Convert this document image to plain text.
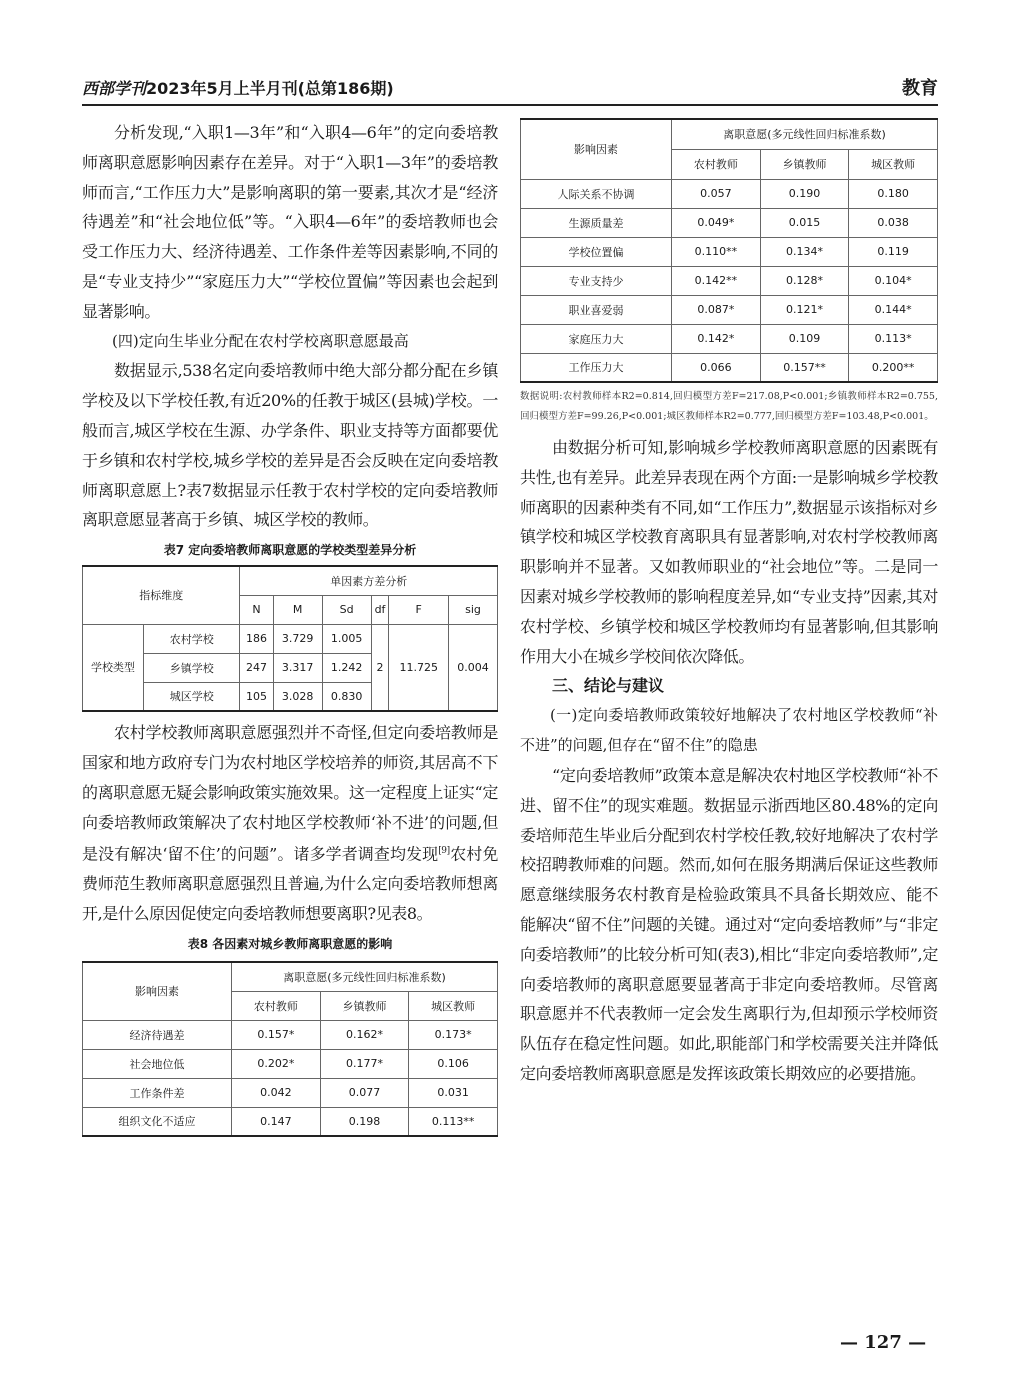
西部学刊2023年5月上半月刊(总第186期)	教育

分析发现,“入职1—3年”和“入职4—6年”的定向委培教师离职意愿影响因素存在差异。对于“入职1—3年”的委培教师而言,“工作压力大”是影响离职的第一要素,其次才是“经济待遇差”和“社会地位低”等。“入职4—6年”的委培教师也会受工作压力大、经济待遇差、工作条件差等因素影响,不同的是“专业支持少”“家庭压力大”“学校位置偏”等因素也会起到显著影响。

(四)定向生毕业分配在农村学校离职意愿最高

数据显示,538名定向委培教师中绝大部分都分配在乡镇学校及以下学校任教,有近20%的任教于城区(县城)学校。一般而言,城区学校在生源、办学条件、职业支持等方面都要优于乡镇和农村学校,城乡学校的差异是否会反映在定向委培教师离职意愿上?表7数据显示任教于农村学校的定向委培教师离职意愿显著高于乡镇、城区学校的教师。

表7 定向委培教师离职意愿的学校类型差异分析
指标维度		单因素方差分析					
		N	M	Sd	df	F	sig
学校类型	农村学校	186	3.729	1.005	2	11.725	0.004
	乡镇学校	247	3.317	1.242			
	城区学校	105	3.028	0.830			

农村学校教师离职意愿强烈并不奇怪,但定向委培教师是国家和地方政府专门为农村地区学校培养的师资,其居高不下的离职意愿无疑会影响政策实施效果。这一定程度上证实“定向委培教师政策解决了农村地区学校教师‘补不进’的问题,但是没有解决‘留不住’的问题”。诸多学者调查均发现[9]农村免费师范生教师离职意愿强烈且普遍,为什么定向委培教师想离开,是什么原因促使定向委培教师想要离职?见表8。

表8 各因素对城乡教师离职意愿的影响
影响因素	离职意愿(多元线性回归标准系数)		
	农村教师	乡镇教师	城区教师
经济待遇差	0.157*	0.162*	0.173*
社会地位低	0.202*	0.177*	0.106
工作条件差	0.042	0.077	0.031
组织文化不适应	0.147	0.198	0.113**
影响因素	离职意愿(多元线性回归标准系数)		
	农村教师	乡镇教师	城区教师
人际关系不协调	0.057	0.190	0.180
生源质量差	0.049*	0.015	0.038
学校位置偏	0.110**	0.134*	0.119
专业支持少	0.142**	0.128*	0.104*
职业喜爱弱	0.087*	0.121*	0.144*
家庭压力大	0.142*	0.109	0.113*
工作压力大	0.066	0.157**	0.200**
数据说明:农村教师样本R2=0.814,回归模型方差F=217.08,P<0.001;乡镇教师样本R2=0.755,回归模型方差F=99.26,P<0.001;城区教师样本R2=0.777,回归模型方差F=103.48,P<0.001。

由数据分析可知,影响城乡学校教师离职意愿的因素既有共性,也有差异。此差异表现在两个方面:一是影响城乡学校教师离职的因素种类有不同,如“工作压力”,数据显示该指标对乡镇学校和城区学校教育离职具有显著影响,对农村学校教师离职影响并不显著。又如教师职业的“社会地位”等。二是同一因素对城乡学校教师的影响程度差异,如“专业支持”因素,其对农村学校、乡镇学校和城区学校教师均有显著影响,但其影响作用大小在城乡学校间依次降低。

三、结论与建议
(一)定向委培教师政策较好地解决了农村地区学校教师“补不进”的问题,但存在“留不住”的隐患

“定向委培教师”政策本意是解决农村地区学校教师“补不进、留不住”的现实难题。数据显示浙西地区80.48%的定向委培师范生毕业后分配到农村学校任教,较好地解决了农村学校招聘教师难的问题。然而,如何在服务期满后保证这些教师愿意继续服务农村教育是检验政策具不具备长期效应、能不能解决“留不住”问题的关键。通过对“定向委培教师”与“非定向委培教师”的比较分析可知(表3),相比“非定向委培教师”,定向委培教师的离职意愿要显著高于非定向委培教师。尽管离职意愿并不代表教师一定会发生离职行为,但却预示学校师资队伍存在稳定性问题。如此,职能部门和学校需要关注并降低定向委培教师离职意愿是发挥该政策长期效应的必要措施。

— 127 —
